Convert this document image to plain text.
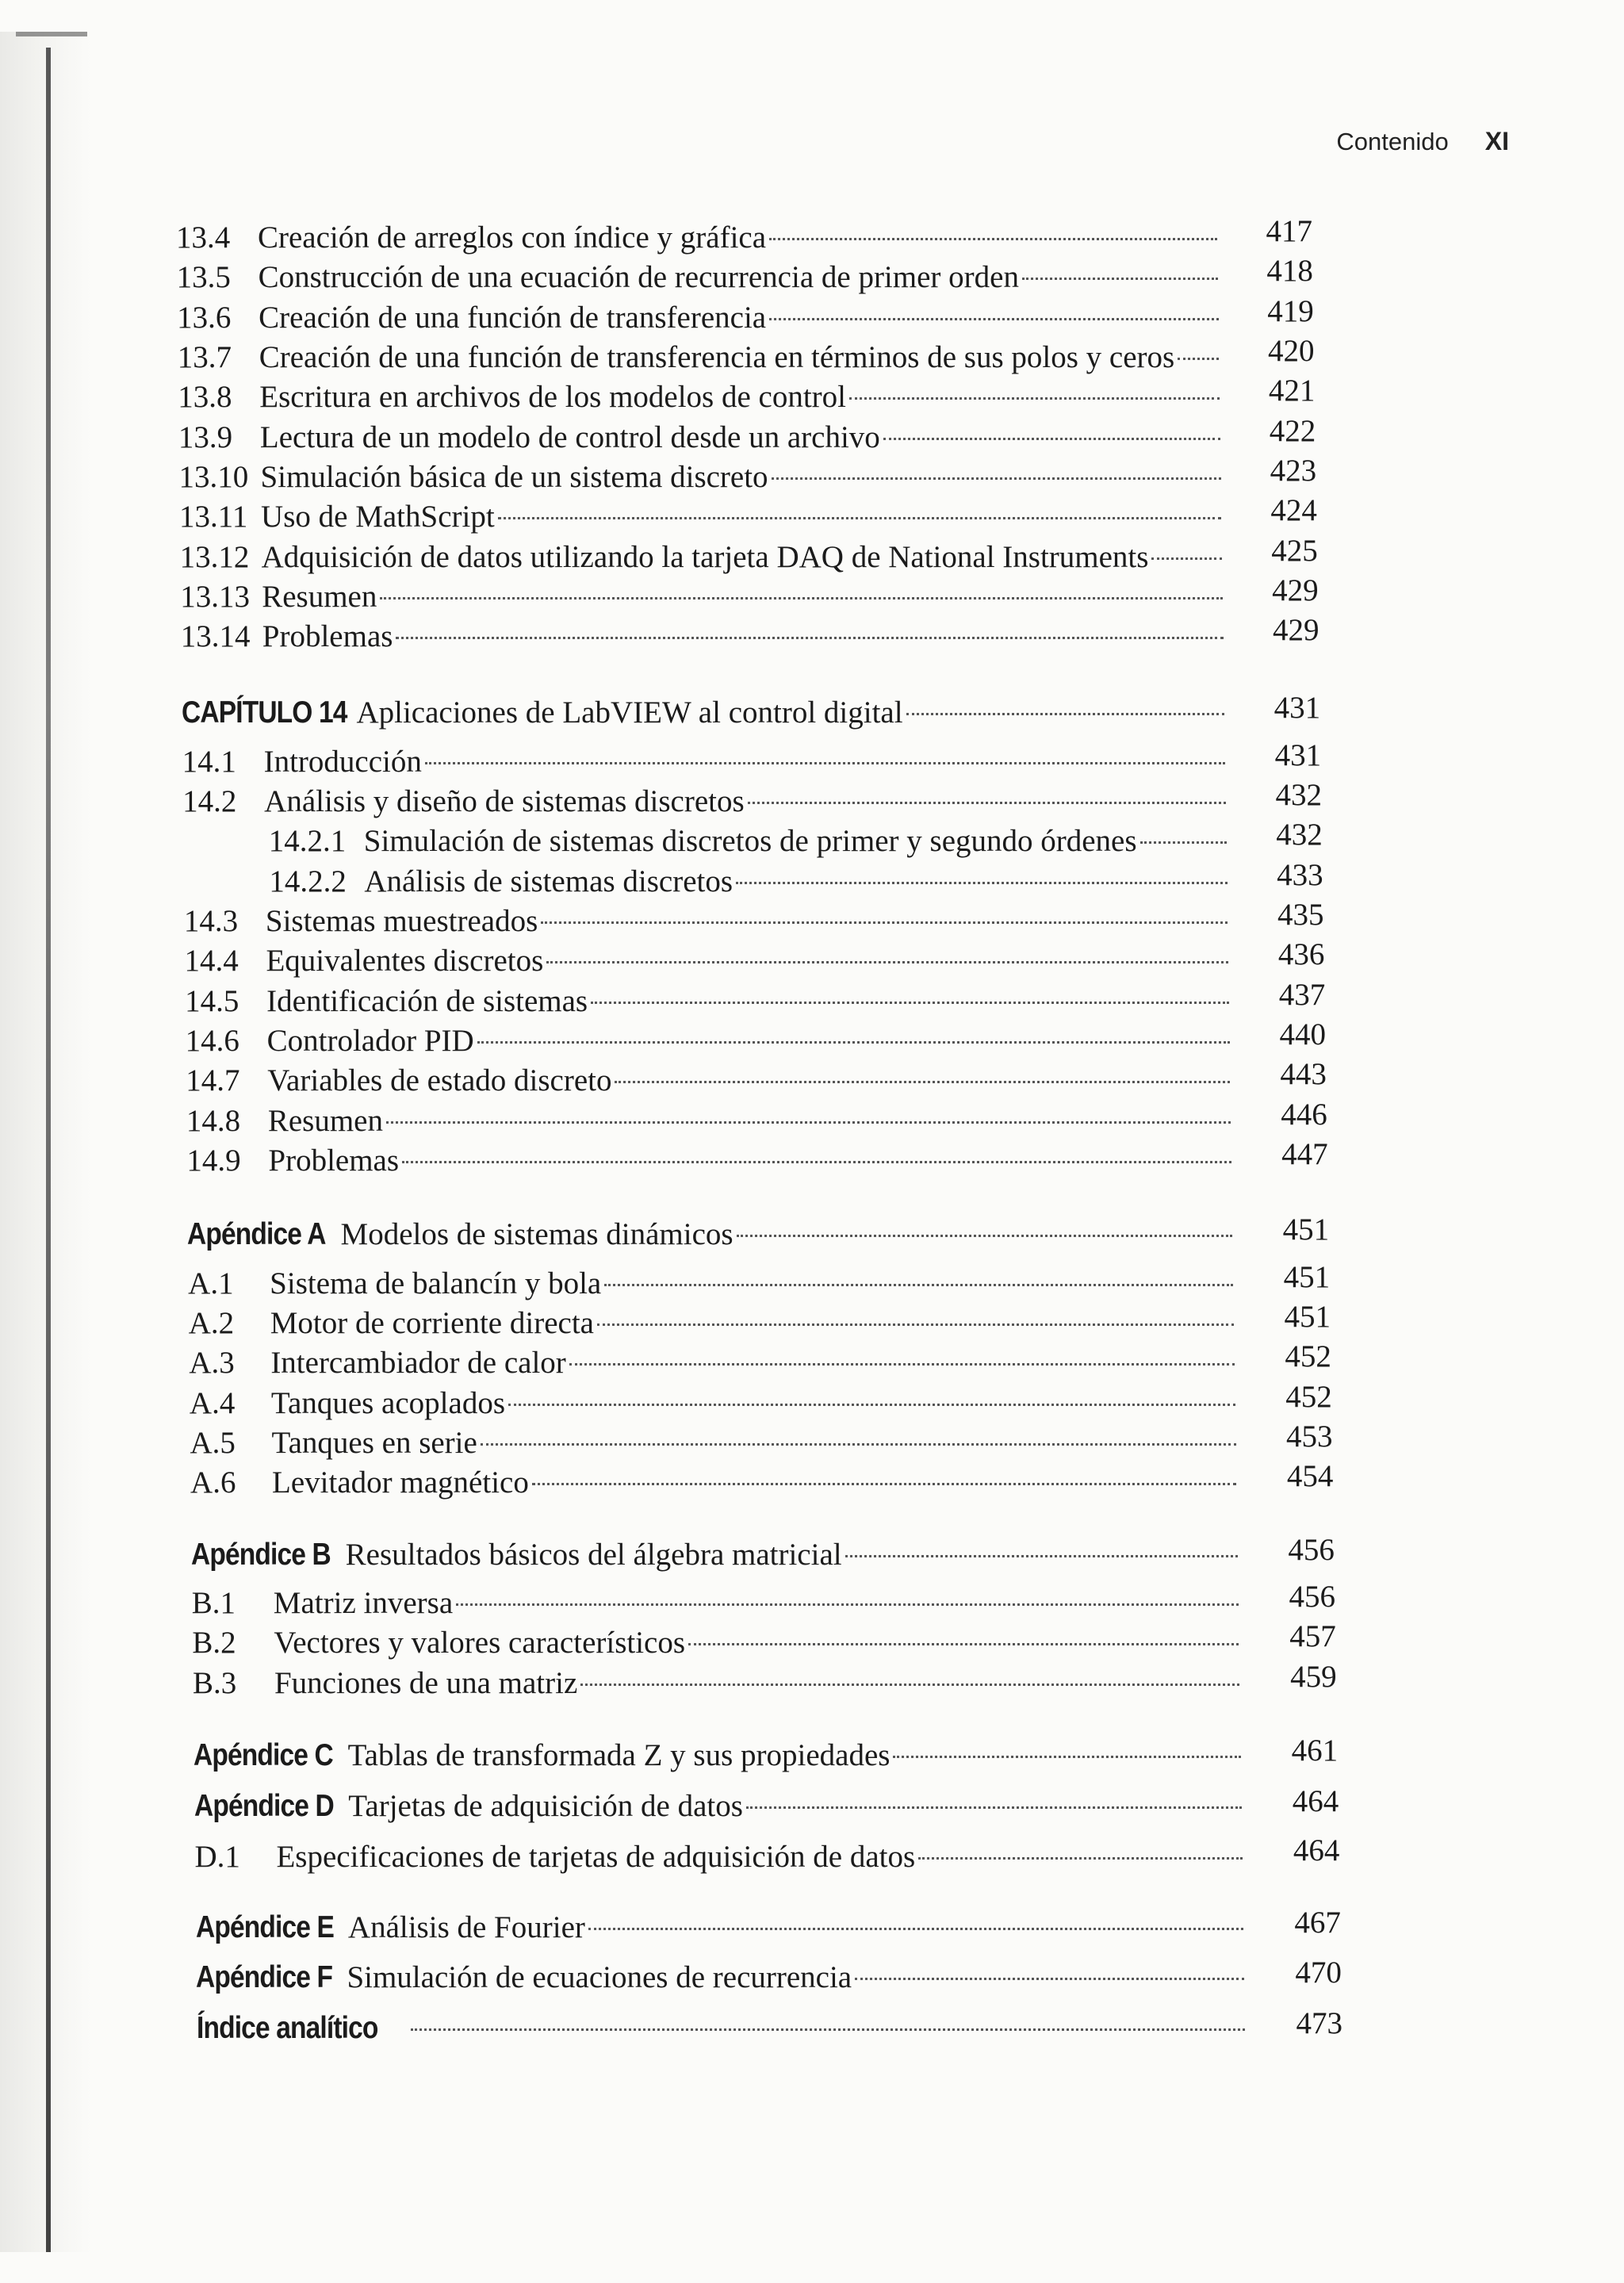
Contenido XI
13.4 Creación de arreglos con índice y gráfica	417
13.5 Construcción de una ecuación de recurrencia de primer orden	418
13.6 Creación de una función de transferencia	419
13.7 Creación de una función de transferencia en términos de sus polos y ceros	420
13.8 Escritura en archivos de los modelos de control	421
13.9 Lectura de un modelo de control desde un archivo	422
13.10 Simulación básica de un sistema discreto	423
13.11 Uso de MathScript	424
13.12 Adquisición de datos utilizando la tarjeta DAQ de National Instruments	425
13.13 Resumen	429
13.14 Problemas	429
CAPÍTULO 14 Aplicaciones de LabVIEW al control digital	431
14.1 Introducción	431
14.2 Análisis y diseño de sistemas discretos	432
14.2.1 Simulación de sistemas discretos de primer y segundo órdenes	432
14.2.2 Análisis de sistemas discretos	433
14.3 Sistemas muestreados	435
14.4 Equivalentes discretos	436
14.5 Identificación de sistemas	437
14.6 Controlador PID	440
14.7 Variables de estado discreto	443
14.8 Resumen	446
14.9 Problemas	447
Apéndice A Modelos de sistemas dinámicos	451
A.1	Sistema de balancín y bola	451
A.2	Motor de corriente directa	451
A.3	Intercambiador de calor	452
A.4	Tanques acoplados	452
A.5	Tanques en serie	453
A.6	Levitador magnético	454
Apéndice B Resultados básicos del álgebra matricial	456
B.1	Matriz inversa	456
B.2	Vectores y valores característicos	457
B.3	Funciones de una matriz	459
Apéndice C Tablas de transformada Z y sus propiedades	461
Apéndice D Tarjetas de adquisición de datos	464
D.1	Especificaciones de tarjetas de adquisición de datos	464
Apéndice E Análisis de Fourier	467
Apéndice F Simulación de ecuaciones de recurrencia	470
Índice analítico	473
